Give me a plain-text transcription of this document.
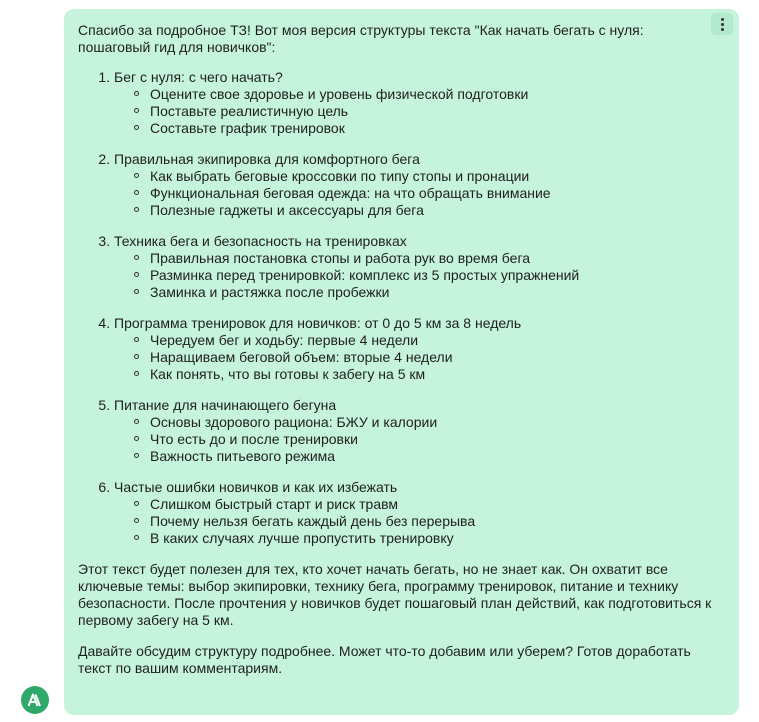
Спасибо за подробное ТЗ! Вот моя версия структуры текста "Как начать бегать с нуля: пошаговый гид для новичков":

1. Бег с нуля: с чего начать?
Оцените свое здоровье и уровень физической подготовки
Поставьте реалистичную цель
Составьте график тренировок
2. Правильная экипировка для комфортного бега
Как выбрать беговые кроссовки по типу стопы и пронации
Функциональная беговая одежда: на что обращать внимание
Полезные гаджеты и аксессуары для бега
3. Техника бега и безопасность на тренировках
Правильная постановка стопы и работа рук во время бега
Разминка перед тренировкой: комплекс из 5 простых упражнений
Заминка и растяжка после пробежки
4. Программа тренировок для новичков: от 0 до 5 км за 8 недель
Чередуем бег и ходьбу: первые 4 недели
Наращиваем беговой объем: вторые 4 недели
Как понять, что вы готовы к забегу на 5 км
5. Питание для начинающего бегуна
Основы здорового рациона: БЖУ и калории
Что есть до и после тренировки
Важность питьевого режима
6. Частые ошибки новичков и как их избежать
Слишком быстрый старт и риск травм
Почему нельзя бегать каждый день без перерыва
В каких случаях лучше пропустить тренировку

Этот текст будет полезен для тех, кто хочет начать бегать, но не знает как. Он охватит все ключевые темы: выбор экипировки, технику бега, программу тренировок, питание и технику безопасности. После прочтения у новичков будет пошаговый план действий, как подготовиться к первому забегу на 5 км.

Давайте обсудим структуру подробнее. Может что-то добавим или уберем? Готов доработать текст по вашим комментариям.
